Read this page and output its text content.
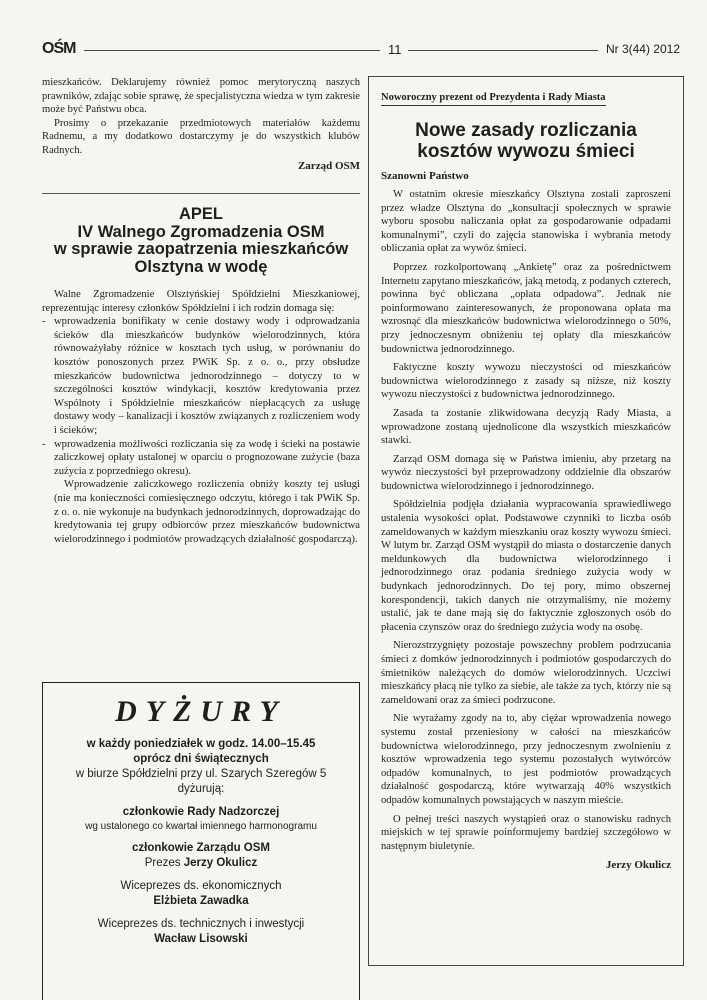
OŚM	11	Nr 3(44) 2012

mieszkańców. Deklarujemy również pomoc merytoryczną naszych prawników, zdając sobie sprawę, że specjalistyczna wiedza w tym zakresie może być Państwu obca.

Prosimy o przekazanie przedmiotowych materiałów każdemu Radnemu, a my dodatkowo dostarczymy je do wszystkich klubów Radnych.

Zarząd OSM
APEL
IV Walnego Zgromadzenia OSM
w sprawie zaopatrzenia mieszkańców
Olsztyna w wodę

Walne Zgromadzenie Olsztyńskiej Spółdzielni Mieszkaniowej, reprezentując interesy członków Spółdzielni i ich rodzin domaga się:

- wprowadzenia bonifikaty w cenie dostawy wody i odprowadzania ścieków dla mieszkańców budynków wielorodzinnych, która równoważyłaby różnice w kosztach tych usług, w porównaniu do kosztów ponoszonych przez PWiK Sp. z o. o., przy obsłudze mieszkańców budownictwa jednorodzinnego – dotyczy to w szczególności kosztów windykacji, kosztów kredytowania przez Wspólnoty i Spółdzielnie mieszkańców niepłacących za usługę dostawy wody – kanalizacji i kosztów związanych z rozliczeniem wody i ścieków;
- wprowadzenia możliwości rozliczania się za wodę i ścieki na postawie zaliczkowej opłaty ustalonej w oparciu o prognozowane zużycie (baza zużycia z poprzedniego okresu).

Wprowadzenie zaliczkowego rozliczenia obniży koszty tej usługi (nie ma konieczności comiesięcznego odczytu, którego i tak PWiK Sp. z o. o. nie wykonuje na budynkach jednorodzinnych, doprowadzając do kredytowania tej grupy odbiorców przez mieszkańców budownictwa wielorodzinnego i podmiotów prowadzących działalność gospodarczą).

DYŻURY
w każdy poniedziałek w godz. 14.00–15.45
oprócz dni świątecznych
w biurze Spółdzielni przy ul. Szarych Szeregów 5
dyżurują:
członkowie Rady Nadzorczej
wg ustalonego co kwartał imiennego harmonogramu
członkowie Zarządu OSM
Prezes Jerzy Okulicz
Wiceprezes ds. ekonomicznych
Elżbieta Zawadka
Wiceprezes ds. technicznych i inwestycji
Wacław Lisowski
Noworoczny prezent od Prezydenta i Rady Miasta
Nowe zasady rozliczania
kosztów wywozu śmieci
Szanowni Państwo

W ostatnim okresie mieszkańcy Olsztyna zostali zaproszeni przez władze Olsztyna do „konsultacji społecznych w sprawie wyboru sposobu naliczania opłat za gospodarowanie odpadami komunalnymi”, czyli do zajęcia stanowiska i wybrania metody obliczania opłat za wywóz śmieci.

Poprzez rozkolportowaną „Ankietę” oraz za pośrednictwem Internetu zapytano mieszkańców, jaką metodą, z podanych czterech, powinna być obliczana „opłata odpadowa”. Jednak nie poinformowano zainteresowanych, że proponowana opłata ma wzrosnąć dla mieszkańców budownictwa wielorodzinnego o 50%, przy jednoczesnym obniżeniu tej opłaty dla mieszkańców budownictwa jednorodzinnego.

Faktyczne koszty wywozu nieczystości od mieszkańców budownictwa wielorodzinnego z zasady są niższe, niż koszty wywozu nieczystości z budownictwa jednorodzinnego.

Zasada ta zostanie zlikwidowana decyzją Rady Miasta, a wprowadzone zostaną ujednolicone dla wszystkich mieszkańców stawki.

Zarząd OSM domaga się w Państwa imieniu, aby przetarg na wywóz nieczystości był przeprowadzony oddzielnie dla obszarów budownictwa wielorodzinnego i jednorodzinnego.

Spółdzielnia podjęła działania wypracowania sprawiedliwego ustalenia wysokości opłat. Podstawowe czynniki to liczba osób zameldowanych w każdym mieszkaniu oraz koszty wywozu śmieci. W lutym br. Zarząd OSM wystąpił do miasta o dostarczenie danych meldunkowych dla budownictwa wielorodzinnego i jednorodzinnego oraz podania średniego zużycia wody w budynkach jednorodzinnych. Do tej pory, mimo obszernej korespondencji, takich danych nie otrzymaliśmy, nie możemy ustalić, jak te dane mają się do faktycznie zgłoszonych osób do płacenia czynszów oraz do średniego zużycia wody na osobę.

Nierozstrzygnięty pozostaje powszechny problem podrzucania śmieci z domków jednorodzinnych i podmiotów gospodarczych do śmietników należących do domów wielorodzinnych. Uczciwi mieszkańcy płacą nie tylko za siebie, ale także za tych, którzy nie są zameldowani oraz za śmieci podrzucone.

Nie wyrażamy zgody na to, aby ciężar wprowadzenia nowego systemu został przeniesiony w całości na mieszkańców budownictwa wielorodzinnego, przy jednoczesnym zwolnieniu z kosztów wprowadzenia tego systemu pozostałych wytwórców odpadów komunalnych, to jest podmiotów prowadzących działalność gospodarczą, które wytwarzają 40% wszystkich odpadów komunalnych powstających w naszym mieście.

O pełnej treści naszych wystąpień oraz o stanowisku radnych miejskich w tej sprawie poinformujemy bardziej szczegółowo w następnym biuletynie.

Jerzy Okulicz
